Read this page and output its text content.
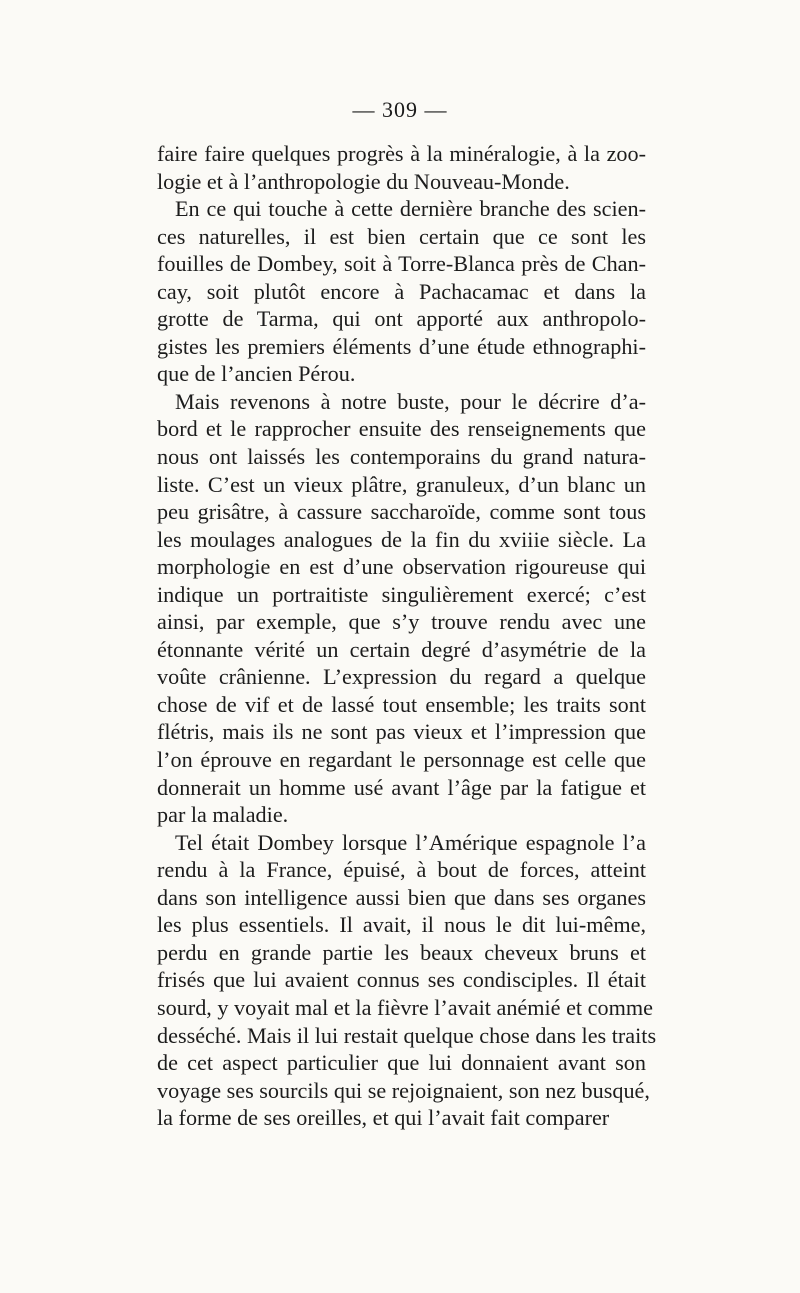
— 309 —
faire faire quelques progrès à la minéralogie, à la zoo-
logie et à l’anthropologie du Nouveau-Monde.
En ce qui touche à cette dernière branche des scien-
ces naturelles, il est bien certain que ce sont les
fouilles de Dombey, soit à Torre-Blanca près de Chan-
cay, soit plutôt encore à Pachacamac et dans la
grotte de Tarma, qui ont apporté aux anthropolo-
gistes les premiers éléments d’une étude ethnographi-
que de l’ancien Pérou.
Mais revenons à notre buste, pour le décrire d’a-
bord et le rapprocher ensuite des renseignements que
nous ont laissés les contemporains du grand natura-
liste. C’est un vieux plâtre, granuleux, d’un blanc un
peu grisâtre, à cassure saccharoïde, comme sont tous
les moulages analogues de la fin du xviiie siècle. La
morphologie en est d’une observation rigoureuse qui
indique un portraitiste singulièrement exercé; c’est
ainsi, par exemple, que s’y trouve rendu avec une
étonnante vérité un certain degré d’asymétrie de la
voûte crânienne. L’expression du regard a quelque
chose de vif et de lassé tout ensemble; les traits sont
flétris, mais ils ne sont pas vieux et l’impression que
l’on éprouve en regardant le personnage est celle que
donnerait un homme usé avant l’âge par la fatigue et
par la maladie.
Tel était Dombey lorsque l’Amérique espagnole l’a
rendu à la France, épuisé, à bout de forces, atteint
dans son intelligence aussi bien que dans ses organes
les plus essentiels. Il avait, il nous le dit lui-même,
perdu en grande partie les beaux cheveux bruns et
frisés que lui avaient connus ses condisciples. Il était
sourd, y voyait mal et la fièvre l’avait anémié et comme
desséché. Mais il lui restait quelque chose dans les traits
de cet aspect particulier que lui donnaient avant son
voyage ses sourcils qui se rejoignaient, son nez busqué,
la forme de ses oreilles, et qui l’avait fait comparer
